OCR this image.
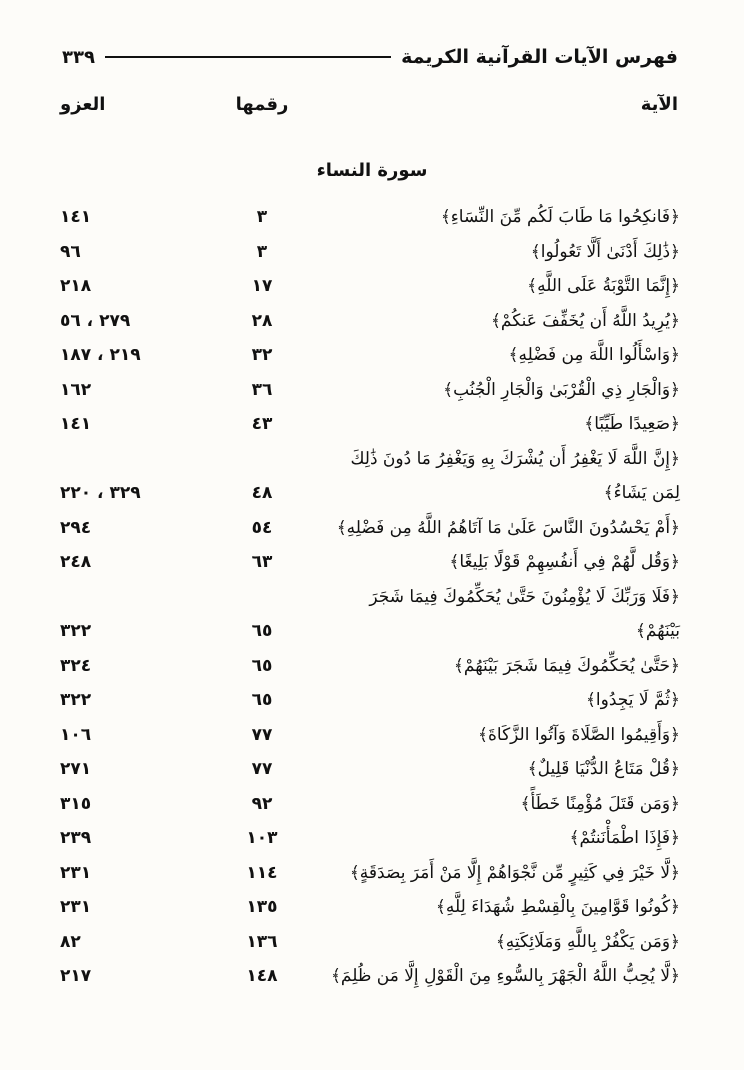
فهرس الآيات القرآنية الكريمة
٣٣٩
الآية
رقمها
العزو
سورة النساء
﴿فَانكِحُوا مَا طَابَ لَكُم مِّنَ النِّسَاءِ﴾
٣
١٤١
﴿ذَٰلِكَ أَدْنَىٰ أَلَّا تَعُولُوا﴾
٣
٩٦
﴿إِنَّمَا التَّوْبَةُ عَلَى اللَّهِ﴾
١٧
٢١٨
﴿يُرِيدُ اللَّهُ أَن يُخَفِّفَ عَنكُمْ﴾
٢٨
٢٧٩ ، ٥٦
﴿وَاسْأَلُوا اللَّهَ مِن فَضْلِهِ﴾
٣٢
٢١٩ ، ١٨٧
﴿وَالْجَارِ ذِي الْقُرْبَىٰ وَالْجَارِ الْجُنُبِ﴾
٣٦
١٦٢
﴿صَعِيدًا طَيِّبًا﴾
٤٣
١٤١
﴿إِنَّ اللَّهَ لَا يَغْفِرُ أَن يُشْرَكَ بِهِ وَيَغْفِرُ مَا دُونَ ذَٰلِكَ لِمَن يَشَاءُ﴾
٤٨
٣٢٩ ، ٢٢٠
﴿أَمْ يَحْسُدُونَ النَّاسَ عَلَىٰ مَا آتَاهُمُ اللَّهُ مِن فَضْلِهِ﴾
٥٤
٢٩٤
﴿وَقُل لَّهُمْ فِي أَنفُسِهِمْ قَوْلًا بَلِيغًا﴾
٦٣
٢٤٨
﴿فَلَا وَرَبِّكَ لَا يُؤْمِنُونَ حَتَّىٰ يُحَكِّمُوكَ فِيمَا شَجَرَ بَيْنَهُمْ﴾
٦٥
٣٢٢
﴿حَتَّىٰ يُحَكِّمُوكَ فِيمَا شَجَرَ بَيْنَهُمْ﴾
٦٥
٣٢٤
﴿ثُمَّ لَا يَجِدُوا﴾
٦٥
٣٢٢
﴿وَأَقِيمُوا الصَّلَاةَ وَآتُوا الزَّكَاةَ﴾
٧٧
١٠٦
﴿قُلْ مَتَاعُ الدُّنْيَا قَلِيلٌ﴾
٧٧
٢٧١
﴿وَمَن قَتَلَ مُؤْمِنًا خَطَأً﴾
٩٢
٣١٥
﴿فَإِذَا اطْمَأْنَنتُمْ﴾
١٠٣
٢٣٩
﴿لَّا خَيْرَ فِي كَثِيرٍ مِّن نَّجْوَاهُمْ إِلَّا مَنْ أَمَرَ بِصَدَقَةٍ﴾
١١٤
٢٣١
﴿كُونُوا قَوَّامِينَ بِالْقِسْطِ شُهَدَاءَ لِلَّهِ﴾
١٣٥
٢٣١
﴿وَمَن يَكْفُرْ بِاللَّهِ وَمَلَائِكَتِهِ﴾
١٣٦
٨٢
﴿لَّا يُحِبُّ اللَّهُ الْجَهْرَ بِالسُّوءِ مِنَ الْقَوْلِ إِلَّا مَن ظُلِمَ﴾
١٤٨
٢١٧
